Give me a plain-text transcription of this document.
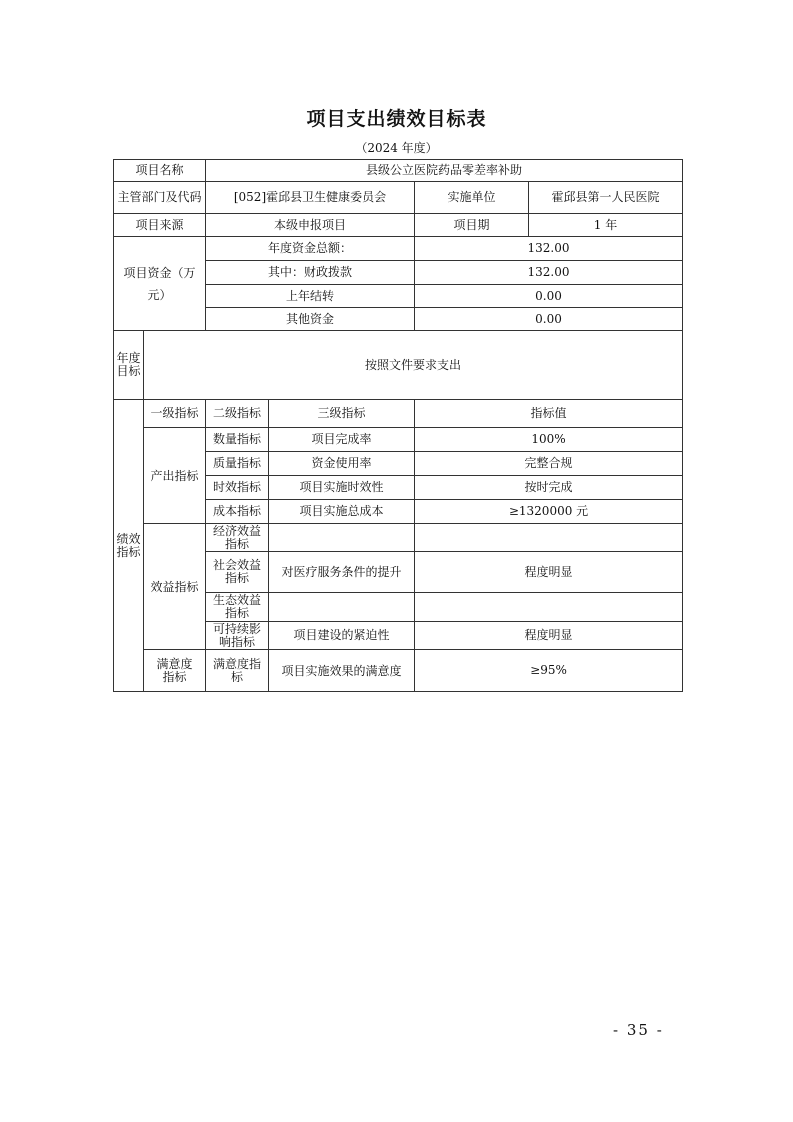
项目支出绩效目标表
（2024 年度）
项目名称		县级公立医院药品零差率补助			
主管部门及代码		[052]霍邱县卫生健康委员会		实施单位	霍邱县第一人民医院
项目来源		本级申报项目		项目期	1 年
项目资金（万元）		年度资金总额：		132.00	
		其中：财政拨款		132.00	
		上年结转		0.00	
		其他资金		0.00	
年度目标	按照文件要求支出				
绩效指标	一级指标	二级指标	三级指标	指标值	
	产出指标	数量指标	项目完成率	100%	
		质量指标	资金使用率	完整合规	
		时效指标	项目实施时效性	按时完成	
		成本指标	项目实施总成本	≥1320000 元	
	效益指标	经济效益指标			
		社会效益指标	对医疗服务条件的提升	程度明显	
		生态效益指标			
		可持续影响指标	项目建设的紧迫性	程度明显	
	满意度指标	满意度指标	项目实施效果的满意度	≥95%	
- 35 -
